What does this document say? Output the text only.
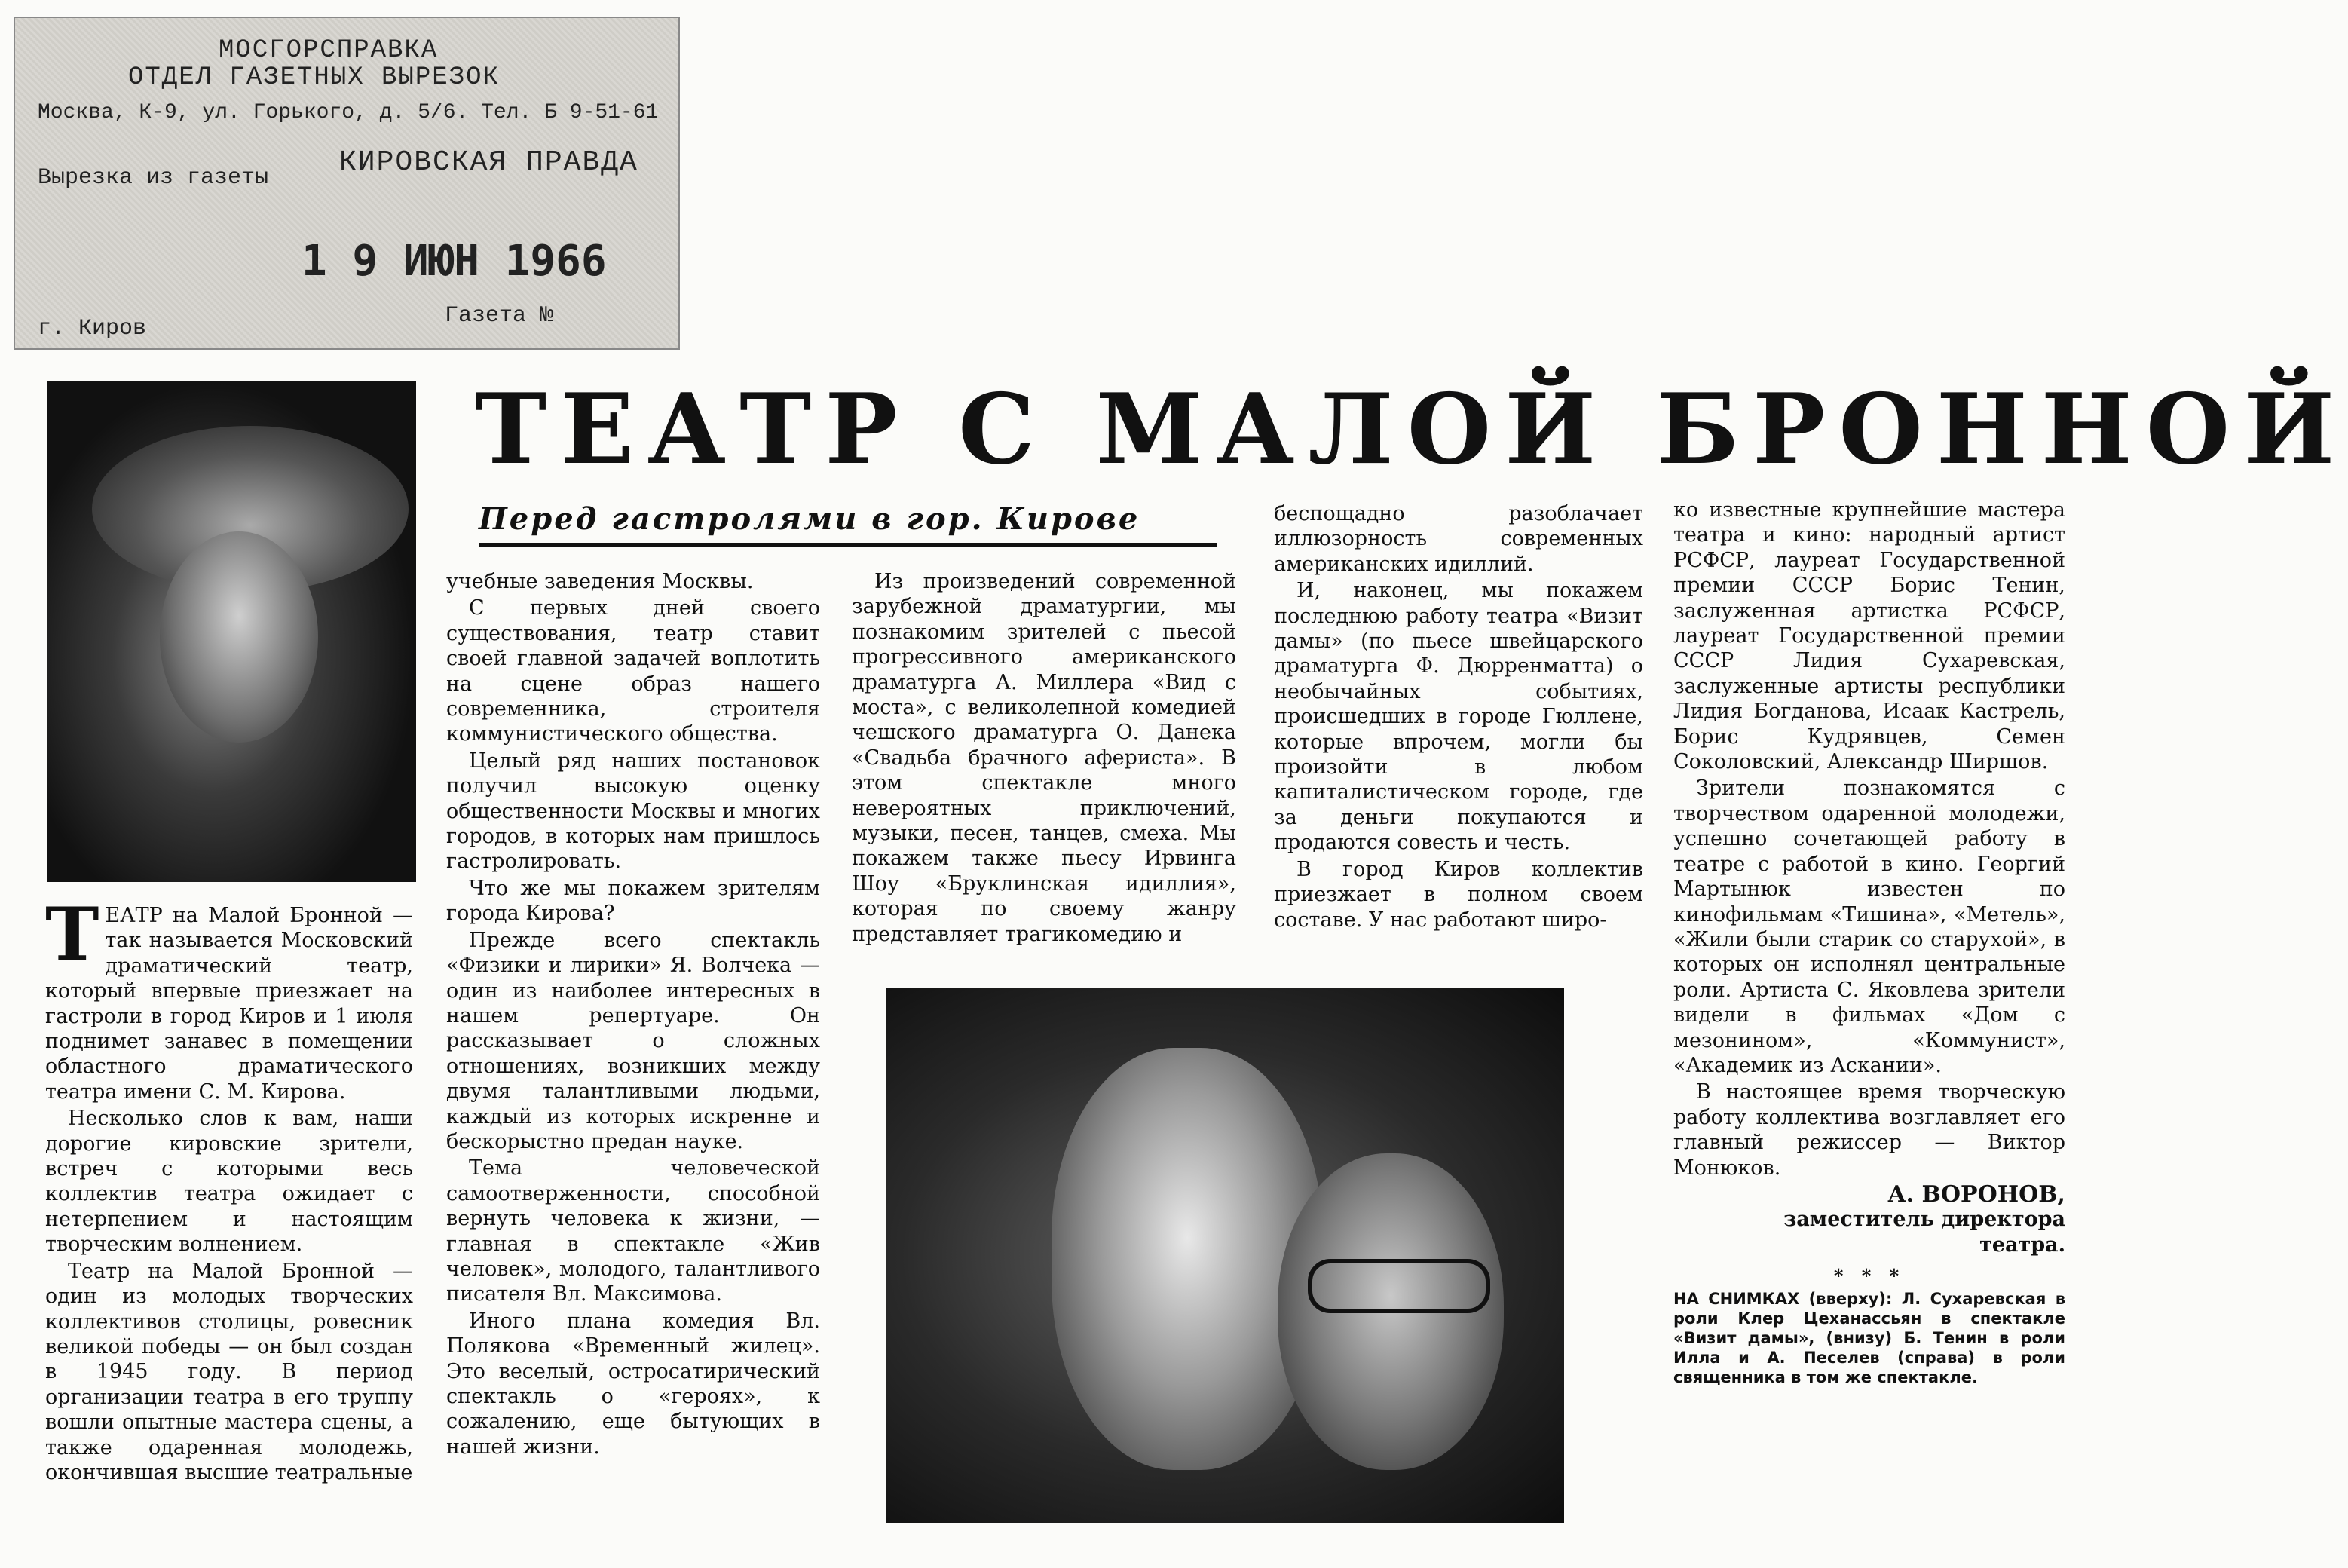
МОСГОРСПРАВКА
ОТДЕЛ ГАЗЕТНЫХ ВЫРЕЗОК
Москва, К-9, ул. Горького, д. 5/6. Тел. Б 9-51-61
Вырезка из газеты КИРОВСКАЯ ПРАВДА
1 9 ИЮН 1966
г. Киров	Газета №
ТЕАТР С МАЛОЙ БРОННОЙ
Перед гастролями в гор. Кирове
Т ЕАТР на Малой Бронной — так называется Московский драматический театр, который впервые приезжает на гастроли в город Киров и 1 июля поднимет занавес в помещении областного драматического театра имени С. М. Кирова.

Несколько слов к вам, наши дорогие кировские зрители, встреч с которыми весь коллектив театра ожидает с нетерпением и настоящим творческим волнением.

Театр на Малой Бронной — один из молодых творческих коллективов столицы, ровесник великой победы — он был создан в 1945 году. В период организации театра в его труппу вошли опытные мастера сцены, а также одаренная молодежь, окончившая высшие театральные

учебные заведения Москвы.

С первых дней своего существования, театр ставит своей главной задачей воплотить на сцене образ нашего современника, строителя коммунистического общества.

Целый ряд наших постановок получил высокую оценку общественности Москвы и многих городов, в которых нам пришлось гастролировать.

Что же мы покажем зрителям города Кирова?

Прежде всего спектакль «Физики и лирики» Я. Волчека — один из наиболее интересных в нашем репертуаре. Он рассказывает о сложных отношениях, возникших между двумя талантливыми людьми, каждый из которых искренне и бескорыстно предан науке.

Тема человеческой самоотверженности, способной вернуть человека к жизни, — главная в спектакле «Жив человек», молодого, талантливого писателя Вл. Максимова.

Иного плана комедия Вл. Полякова «Временный жилец». Это веселый, остросатирический спектакль о «героях», к сожалению, еще бытующих в нашей жизни.

Из произведений современной зарубежной драматургии, мы познакомим зрителей с пьесой прогрессивного американского драматурга А. Миллера «Вид с моста», с великолепной комедией чешского драматурга О. Данека «Свадьба брачного афериста». В этом спектакле много невероятных приключений, музыки, песен, танцев, смеха. Мы покажем также пьесу Ирвинга Шоу «Бруклинская идиллия», которая по своему жанру представляет трагикомедию и

беспощадно разоблачает иллюзорность современных американских идиллий.

И, наконец, мы покажем последнюю работу театра «Визит дамы» (по пьесе швейцарского драматурга Ф. Дюрренматта) о необычайных событиях, происшедших в городе Гюллене, которые впрочем, могли бы произойти в любом капиталистическом городе, где за деньги покупаются и продаются совесть и честь.

В город Киров коллектив приезжает в полном своем составе. У нас работают широ-

ко известные крупнейшие мастера театра и кино: народный артист РСФСР, лауреат Государственной премии СССР Борис Тенин, заслуженная артистка РСФСР, лауреат Государственной премии СССР Лидия Сухаревская, заслуженные артисты республики Лидия Богданова, Исаак Кастрель, Борис Кудрявцев, Семен Соколовский, Александр Ширшов.

Зрители познакомятся с творчеством одаренной молодежи, успешно сочетающей работу в театре с работой в кино. Георгий Мартынюк известен по кинофильмам «Тишина», «Метель», «Жили были старик со старухой», в которых он исполнял центральные роли. Артиста С. Яковлева зрители видели в фильмах «Дом с мезонином», «Коммунист», «Академик из Аскании».

В настоящее время творческую работу коллектива возглавляет его главный режиссер — Виктор Монюков.

А. ВОРОНОВ,
заместитель директора
театра.
* * *
НА СНИМКАХ (вверху): Л. Сухаревская в роли Клер Цеханассьян в спектакле «Визит дамы», (внизу) Б. Тенин в роли Илла и А. Песелев (справа) в роли священника в том же спектакле.
